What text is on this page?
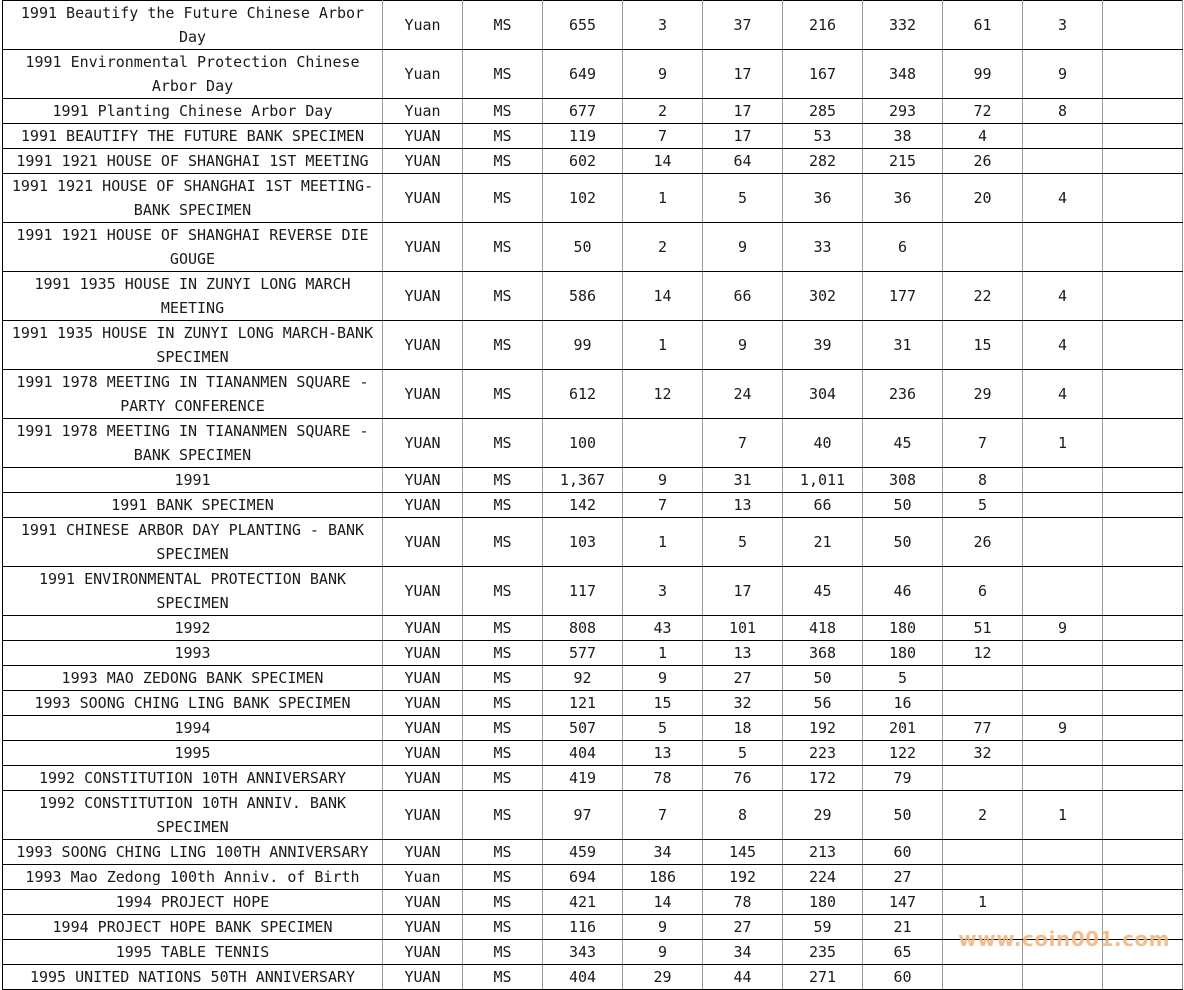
1991 Beautify the Future Chinese Arbor Day	Yuan	MS	655	3	37	216	332	61	3	
1991 Environmental Protection Chinese Arbor Day	Yuan	MS	649	9	17	167	348	99	9	
1991 Planting Chinese Arbor Day	Yuan	MS	677	2	17	285	293	72	8	
1991 BEAUTIFY THE FUTURE BANK SPECIMEN	YUAN	MS	119	7	17	53	38	4		
1991 1921 HOUSE OF SHANGHAI 1ST MEETING	YUAN	MS	602	14	64	282	215	26		
1991 1921 HOUSE OF SHANGHAI 1ST MEETING-BANK SPECIMEN	YUAN	MS	102	1	5	36	36	20	4	
1991 1921 HOUSE OF SHANGHAI REVERSE DIE GOUGE	YUAN	MS	50	2	9	33	6			
1991 1935 HOUSE IN ZUNYI LONG MARCH MEETING	YUAN	MS	586	14	66	302	177	22	4	
1991 1935 HOUSE IN ZUNYI LONG MARCH-BANK SPECIMEN	YUAN	MS	99	1	9	39	31	15	4	
1991 1978 MEETING IN TIANANMEN SQUARE - PARTY CONFERENCE	YUAN	MS	612	12	24	304	236	29	4	
1991 1978 MEETING IN TIANANMEN SQUARE - BANK SPECIMEN	YUAN	MS	100		7	40	45	7	1	
1991	YUAN	MS	1,367	9	31	1,011	308	8		
1991 BANK SPECIMEN	YUAN	MS	142	7	13	66	50	5		
1991 CHINESE ARBOR DAY PLANTING - BANK SPECIMEN	YUAN	MS	103	1	5	21	50	26		
1991 ENVIRONMENTAL PROTECTION BANK SPECIMEN	YUAN	MS	117	3	17	45	46	6		
1992	YUAN	MS	808	43	101	418	180	51	9	
1993	YUAN	MS	577	1	13	368	180	12		
1993 MAO ZEDONG BANK SPECIMEN	YUAN	MS	92	9	27	50	5			
1993 SOONG CHING LING BANK SPECIMEN	YUAN	MS	121	15	32	56	16			
1994	YUAN	MS	507	5	18	192	201	77	9	
1995	YUAN	MS	404	13	5	223	122	32		
1992 CONSTITUTION 10TH ANNIVERSARY	YUAN	MS	419	78	76	172	79			
1992 CONSTITUTION 10TH ANNIV. BANK SPECIMEN	YUAN	MS	97	7	8	29	50	2	1	
1993 SOONG CHING LING 100TH ANNIVERSARY	YUAN	MS	459	34	145	213	60			
1993 Mao Zedong 100th Anniv. of Birth	Yuan	MS	694	186	192	224	27			
1994 PROJECT HOPE	YUAN	MS	421	14	78	180	147	1		
1994 PROJECT HOPE BANK SPECIMEN	YUAN	MS	116	9	27	59	21			
1995 TABLE TENNIS	YUAN	MS	343	9	34	235	65			
1995 UNITED NATIONS 50TH ANNIVERSARY	YUAN	MS	404	29	44	271	60			
www.coin001.com
